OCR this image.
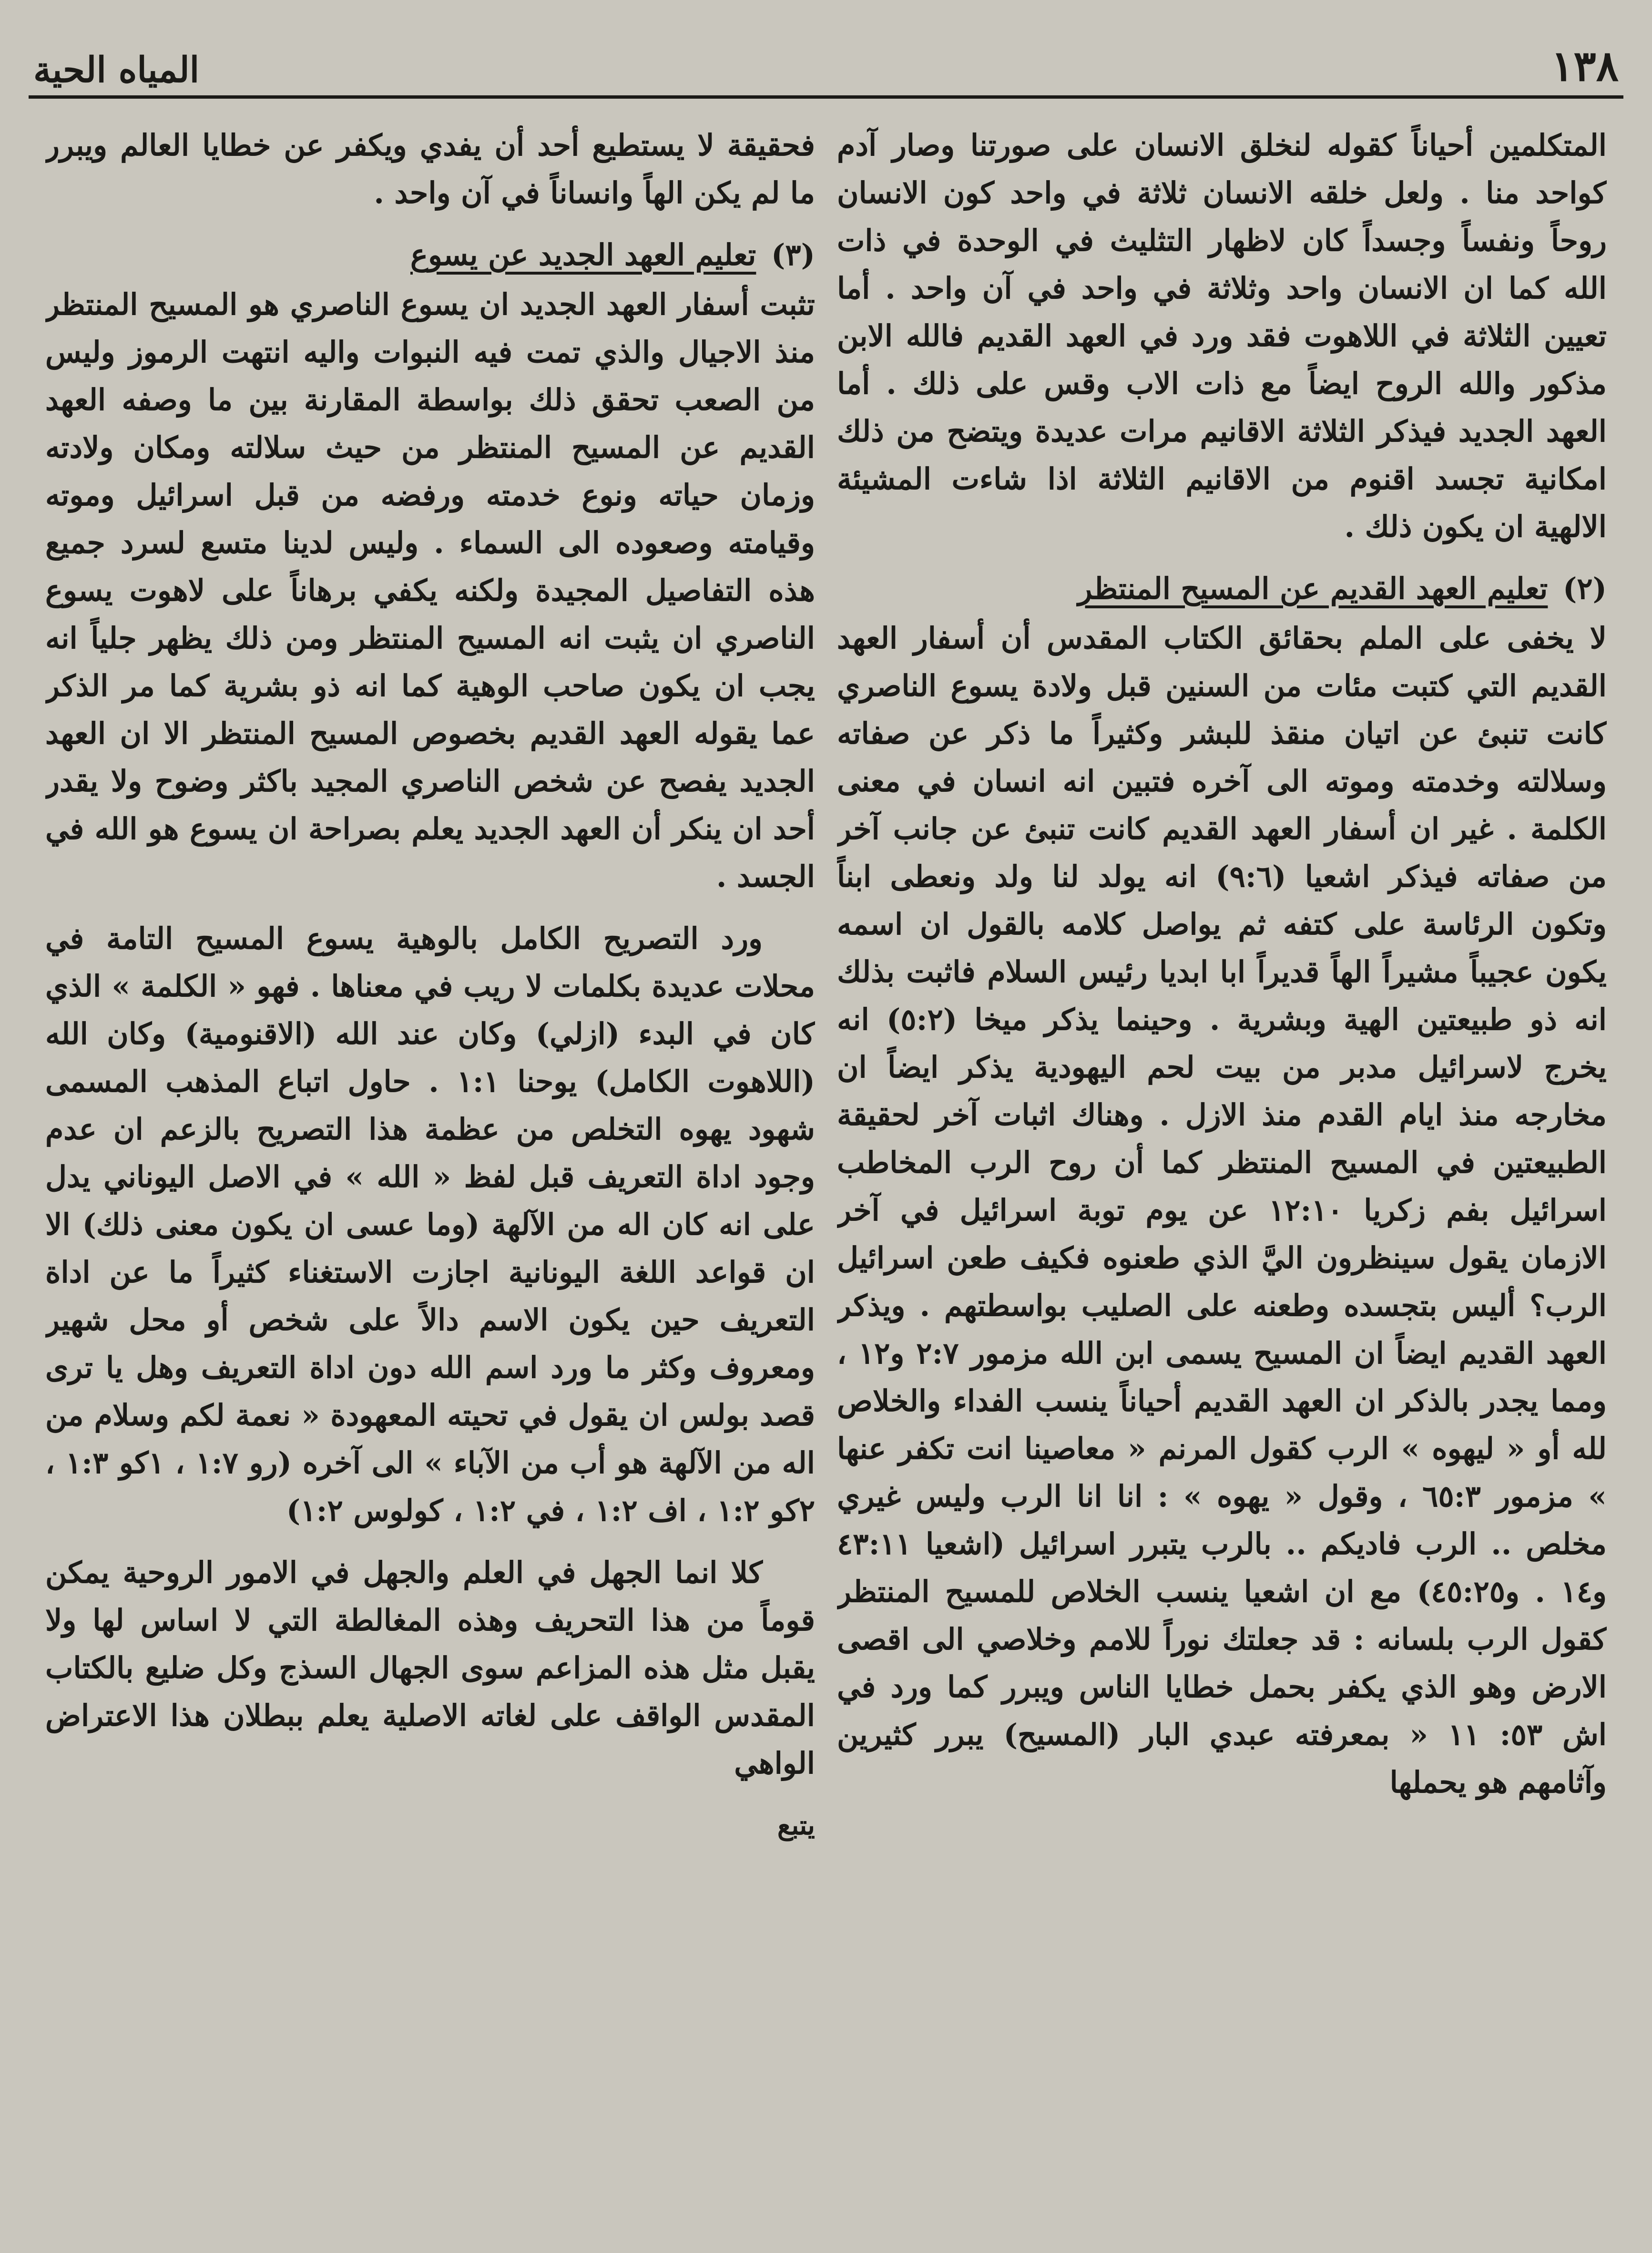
١٣٨
المياه الحية

المتكلمين أحياناً كقوله لنخلق الانسان على صورتنا وصار آدم كواحد منا . ولعل خلقه الانسان ثلاثة في واحد كون الانسان روحاً ونفساً وجسداً كان لاظهار التثليث في الوحدة في ذات الله كما ان الانسان واحد وثلاثة في واحد في آن واحد . أما تعيين الثلاثة في اللاهوت فقد ورد في العهد القديم فالله الابن مذكور والله الروح ايضاً مع ذات الاب وقس على ذلك . أما العهد الجديد فيذكر الثلاثة الاقانيم مرات عديدة ويتضح من ذلك امكانية تجسد اقنوم من الاقانيم الثلاثة اذا شاءت المشيئة الالهية ان يكون ذلك .

(٢) تعليم العهد القديم عن المسيح المنتظر

لا يخفى على الملم بحقائق الكتاب المقدس أن أسفار العهد القديم التي كتبت مئات من السنين قبل ولادة يسوع الناصري كانت تنبئ عن اتيان منقذ للبشر وكثيراً ما ذكر عن صفاته وسلالته وخدمته وموته الى آخره فتبين انه انسان في معنى الكلمة . غير ان أسفار العهد القديم كانت تنبئ عن جانب آخر من صفاته فيذكر اشعيا (٩:٦) انه يولد لنا ولد ونعطى ابناً وتكون الرئاسة على كتفه ثم يواصل كلامه بالقول ان اسمه يكون عجيباً مشيراً الهاً قديراً ابا ابديا رئيس السلام فاثبت بذلك انه ذو طبيعتين الهية وبشرية . وحينما يذكر ميخا (٥:٢) انه يخرج لاسرائيل مدبر من بيت لحم اليهودية يذكر ايضاً ان مخارجه منذ ايام القدم منذ الازل . وهناك اثبات آخر لحقيقة الطبيعتين في المسيح المنتظر كما أن روح الرب المخاطب اسرائيل بفم زكريا ١٢:١٠ عن يوم توبة اسرائيل في آخر الازمان يقول سينظرون اليَّ الذي طعنوه فكيف طعن اسرائيل الرب؟ أليس بتجسده وطعنه على الصليب بواسطتهم . ويذكر العهد القديم ايضاً ان المسيح يسمى ابن الله مزمور ٢:٧ و١٢ ، ومما يجدر بالذكر ان العهد القديم أحياناً ينسب الفداء والخلاص لله أو « ليهوه » الرب كقول المرنم « معاصينا انت تكفر عنها » مزمور ٦٥:٣ ، وقول « يهوه » : انا انا الرب وليس غيري مخلص .. الرب فاديكم .. بالرب يتبرر اسرائيل (اشعيا ٤٣:١١ و١٤ . و٤٥:٢٥) مع ان اشعيا ينسب الخلاص للمسيح المنتظر كقول الرب بلسانه : قد جعلتك نوراً للامم وخلاصي الى اقصى الارض وهو الذي يكفر بحمل خطايا الناس ويبرر كما ورد في اش ٥٣: ١١ « بمعرفته عبدي البار (المسيح) يبرر كثيرين وآثامهم هو يحملها

فحقيقة لا يستطيع أحد أن يفدي ويكفر عن خطايا العالم ويبرر ما لم يكن الهاً وانساناً في آن واحد .

(٣) تعليم العهد الجديد عن يسوع

تثبت أسفار العهد الجديد ان يسوع الناصري هو المسيح المنتظر منذ الاجيال والذي تمت فيه النبوات واليه انتهت الرموز وليس من الصعب تحقق ذلك بواسطة المقارنة بين ما وصفه العهد القديم عن المسيح المنتظر من حيث سلالته ومكان ولادته وزمان حياته ونوع خدمته ورفضه من قبل اسرائيل وموته وقيامته وصعوده الى السماء . وليس لدينا متسع لسرد جميع هذه التفاصيل المجيدة ولكنه يكفي برهاناً على لاهوت يسوع الناصري ان يثبت انه المسيح المنتظر ومن ذلك يظهر جلياً انه يجب ان يكون صاحب الوهية كما انه ذو بشرية كما مر الذكر عما يقوله العهد القديم بخصوص المسيح المنتظر الا ان العهد الجديد يفصح عن شخص الناصري المجيد باكثر وضوح ولا يقدر أحد ان ينكر أن العهد الجديد يعلم بصراحة ان يسوع هو الله في الجسد .

ورد التصريح الكامل بالوهية يسوع المسيح التامة في محلات عديدة بكلمات لا ريب في معناها . فهو « الكلمة » الذي كان في البدء (ازلي) وكان عند الله (الاقنومية) وكان الله (اللاهوت الكامل) يوحنا ١:١ . حاول اتباع المذهب المسمى شهود يهوه التخلص من عظمة هذا التصريح بالزعم ان عدم وجود اداة التعريف قبل لفظ « الله » في الاصل اليوناني يدل على انه كان اله من الآلهة (وما عسى ان يكون معنى ذلك) الا ان قواعد اللغة اليونانية اجازت الاستغناء كثيراً ما عن اداة التعريف حين يكون الاسم دالاً على شخص أو محل شهير ومعروف وكثر ما ورد اسم الله دون اداة التعريف وهل يا ترى قصد بولس ان يقول في تحيته المعهودة « نعمة لكم وسلام من اله من الآلهة هو أب من الآباء » الى آخره (رو ١:٧ ، ١كو ١:٣ ، ٢كو ١:٢ ، اف ١:٢ ، في ١:٢ ، كولوس ١:٢)

كلا انما الجهل في العلم والجهل في الامور الروحية يمكن قوماً من هذا التحريف وهذه المغالطة التي لا اساس لها ولا يقبل مثل هذه المزاعم سوى الجهال السذج وكل ضليع بالكتاب المقدس الواقف على لغاته الاصلية يعلم ببطلان هذا الاعتراض الواهي

يتبع
